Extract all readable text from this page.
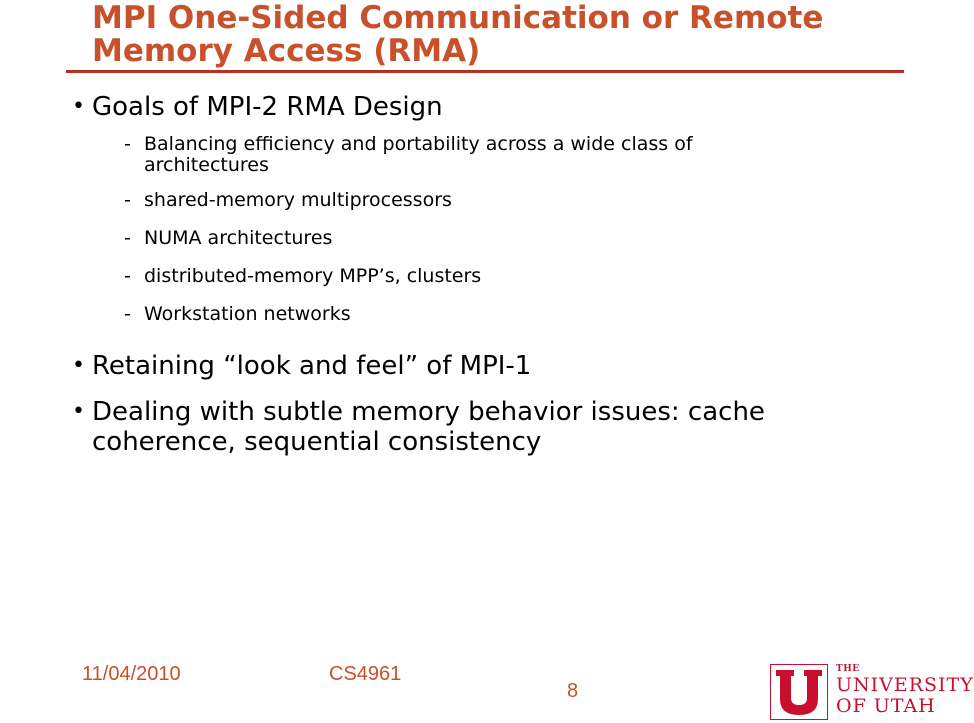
MPI One-Sided Communication or Remote
Memory Access (RMA)
• Goals of MPI-2 RMA Design
- Balancing efficiency and portability across a wide class of
architectures
- shared-memory multiprocessors
- NUMA architectures
- distributed-memory MPP’s, clusters
- Workstation networks
• Retaining “look and feel” of MPI-1
• Dealing with subtle memory behavior issues: cache
coherence, sequential consistency
11/04/2010	CS4961
8
THE
UNIVERSITY
OF UTAH
